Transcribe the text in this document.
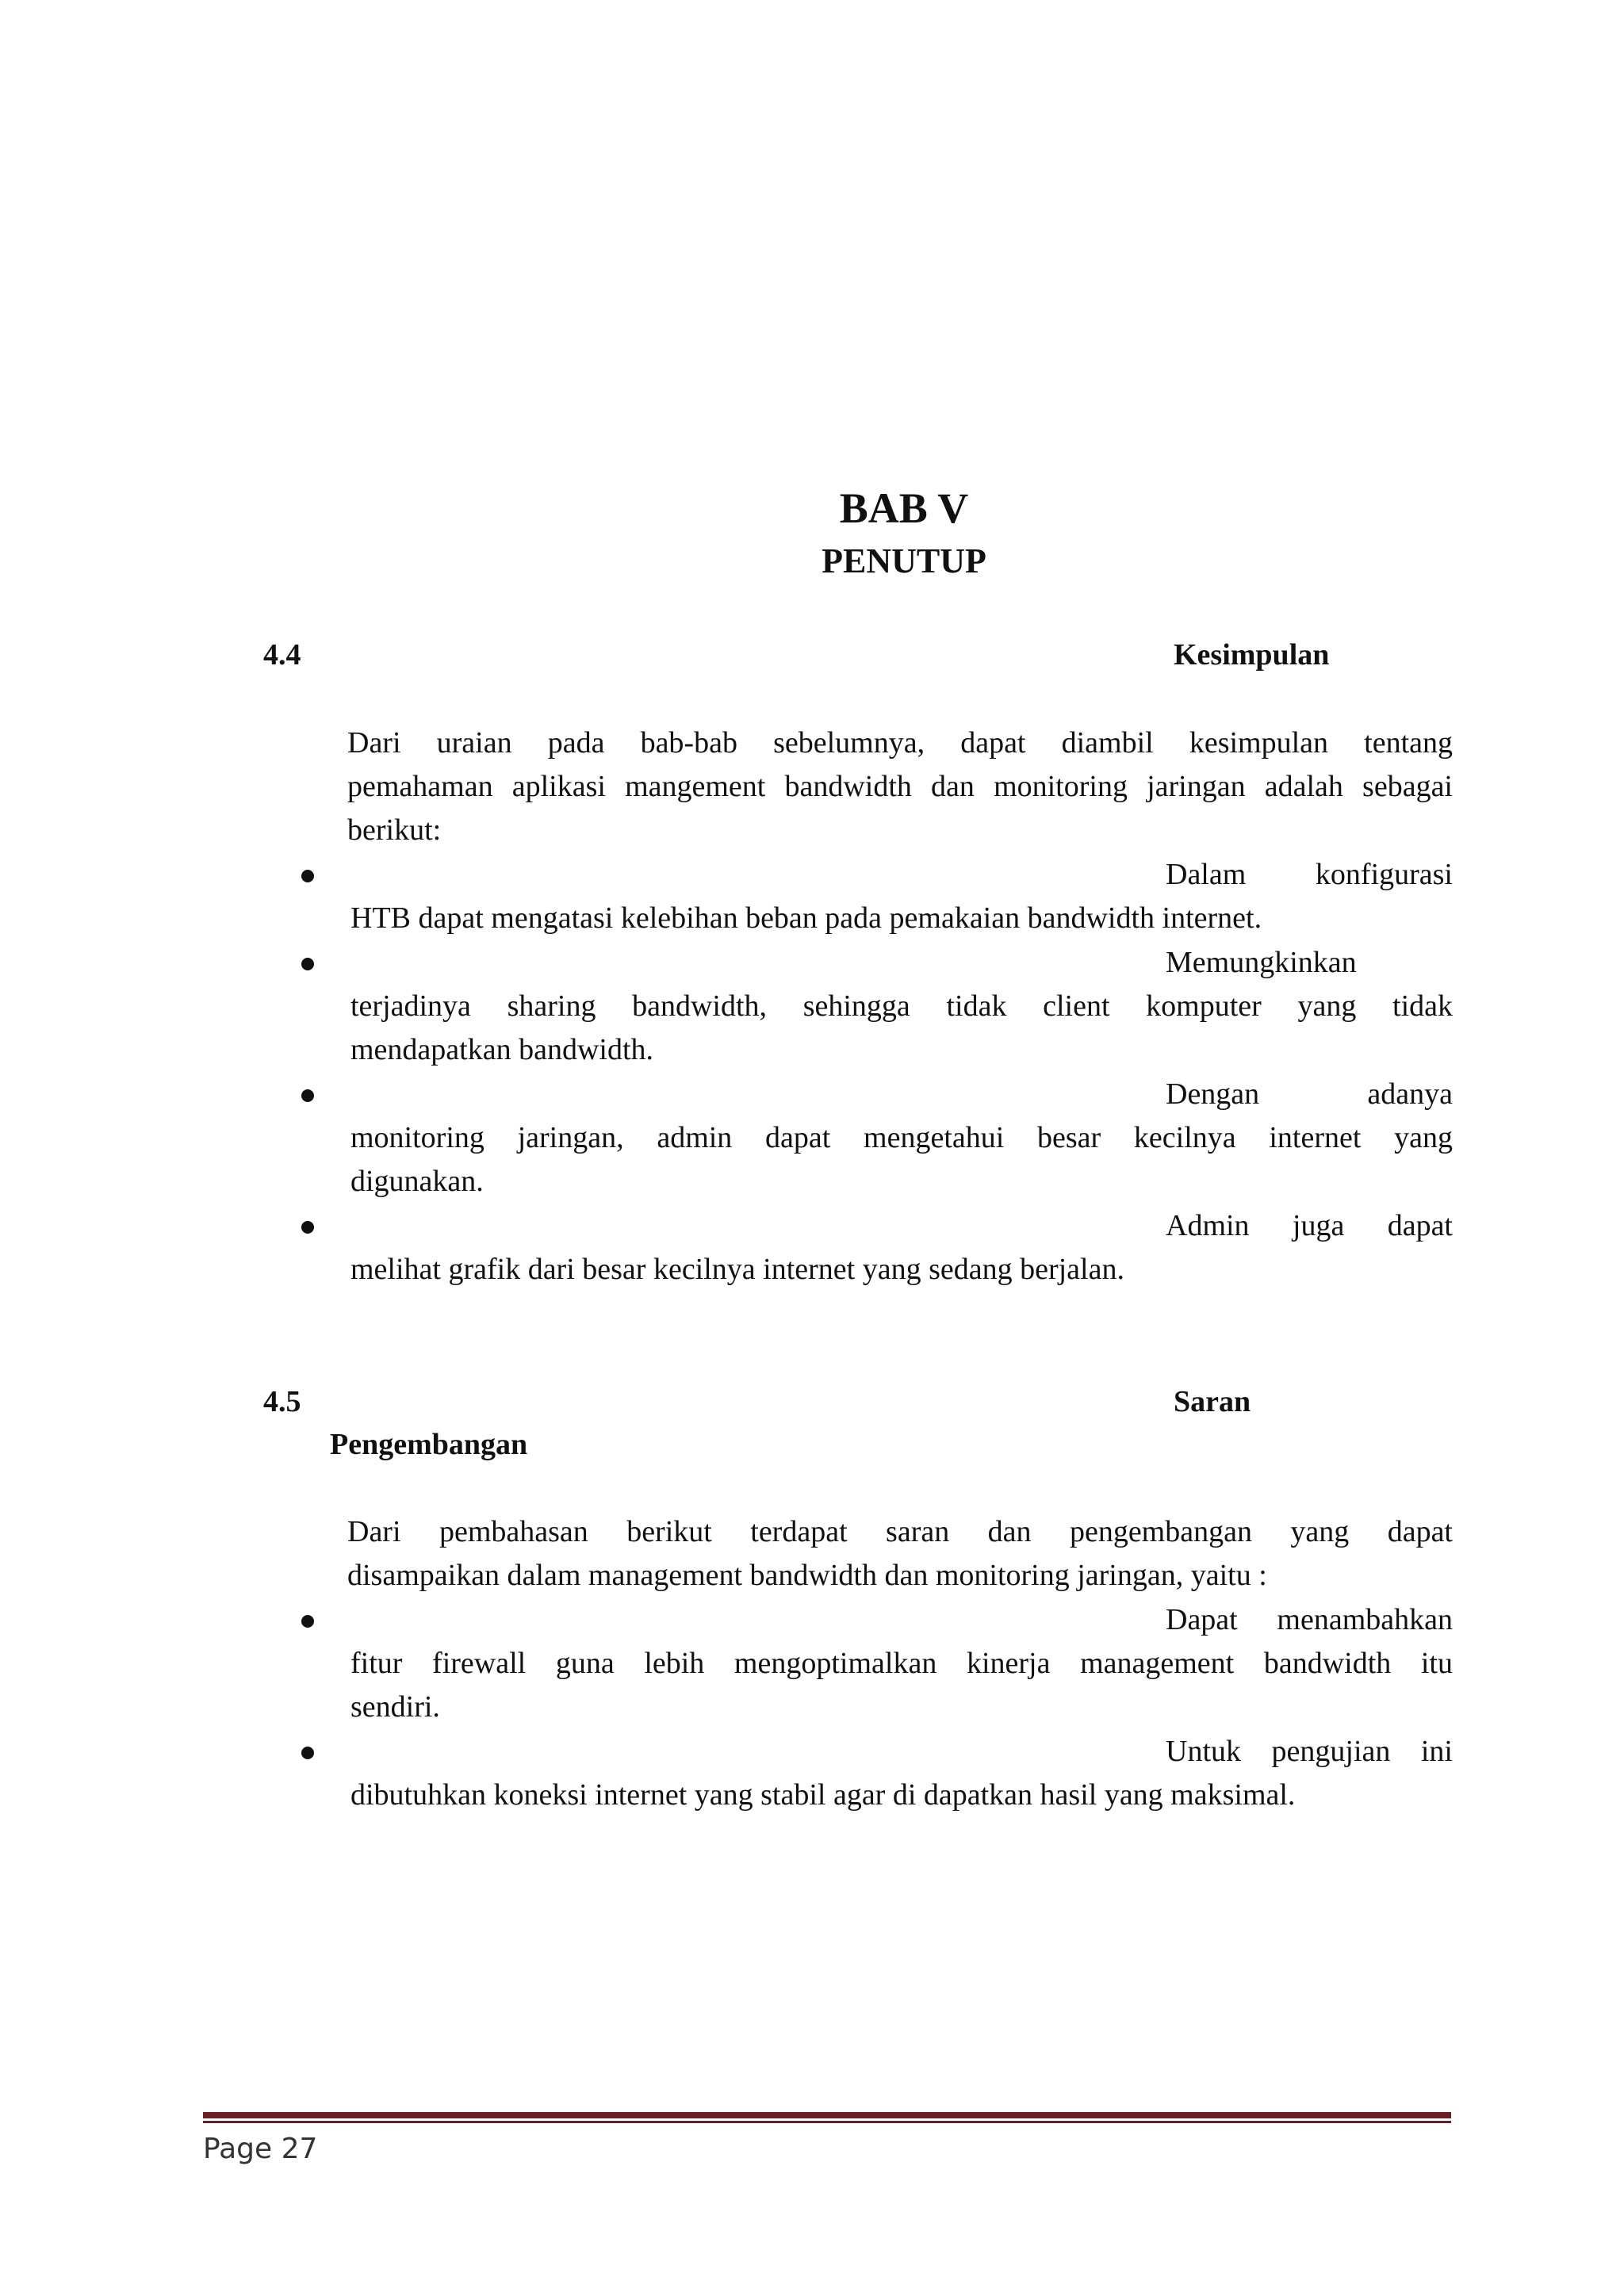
BAB V
PENUTUP
4.4	Kesimpulan
Dari uraian pada bab-bab sebelumnya, dapat diambil kesimpulan tentang
pemahaman aplikasi mangement bandwidth dan monitoring jaringan adalah sebagai
berikut:
Dalam konfigurasi
HTB dapat mengatasi kelebihan beban pada pemakaian bandwidth internet.
Memungkinkan
terjadinya sharing bandwidth, sehingga tidak client komputer yang tidak
mendapatkan bandwidth.
Dengan adanya
monitoring jaringan, admin dapat mengetahui besar kecilnya internet yang
digunakan.
Admin juga dapat
melihat grafik dari besar kecilnya internet yang sedang berjalan.
4.5	Saran
Pengembangan
Dari pembahasan berikut terdapat saran dan pengembangan yang dapat
disampaikan dalam management bandwidth dan monitoring jaringan, yaitu :
Dapat menambahkan
fitur firewall guna lebih mengoptimalkan kinerja management bandwidth itu
sendiri.
Untuk pengujian ini
dibutuhkan koneksi internet yang stabil agar di dapatkan hasil yang maksimal.
Page 27
